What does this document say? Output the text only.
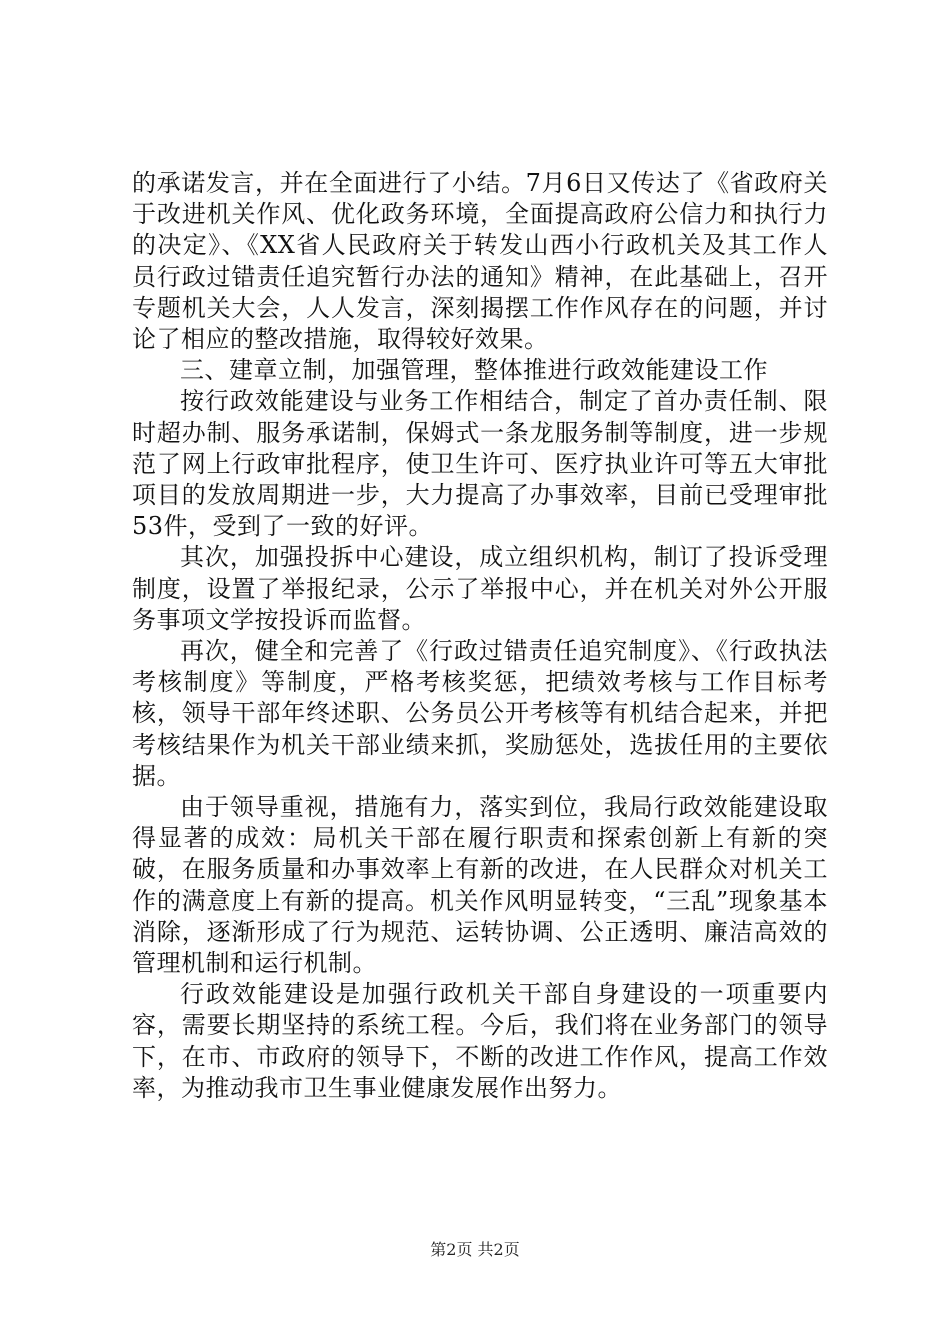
的承诺发言，并在全面进行了小结。7月6日又传达了《省政府关于改进机关作风、优化政务环境，全面提高政府公信力和执行力的决定》、《XX省人民政府关于转发山西小行政机关及其工作人员行政过错责任追究暂行办法的通知》精神，在此基础上，召开专题机关大会，人人发言，深刻揭摆工作作风存在的问题，并讨论了相应的整改措施，取得较好效果。

三、建章立制，加强管理，整体推进行政效能建设工作

按行政效能建设与业务工作相结合，制定了首办责任制、限时超办制、服务承诺制，保姆式一条龙服务制等制度，进一步规范了网上行政审批程序，使卫生许可、医疗执业许可等五大审批项目的发放周期进一步，大力提高了办事效率，目前已受理审批53件，受到了一致的好评。

其次，加强投拆中心建设，成立组织机构，制订了投诉受理制度，设置了举报纪录，公示了举报中心，并在机关对外公开服务事项文学按投诉而监督。

再次，健全和完善了《行政过错责任追究制度》、《行政执法考核制度》等制度，严格考核奖惩，把绩效考核与工作目标考核，领导干部年终述职、公务员公开考核等有机结合起来，并把考核结果作为机关干部业绩来抓，奖励惩处，选拔任用的主要依据。

由于领导重视，措施有力，落实到位，我局行政效能建设取得显著的成效：局机关干部在履行职责和探索创新上有新的突破，在服务质量和办事效率上有新的改进，在人民群众对机关工作的满意度上有新的提高。机关作风明显转变，“三乱”现象基本消除，逐渐形成了行为规范、运转协调、公正透明、廉洁高效的管理机制和运行机制。

行政效能建设是加强行政机关干部自身建设的一项重要内容，需要长期坚持的系统工程。今后，我们将在业务部门的领导下，在市、市政府的领导下，不断的改进工作作风，提高工作效率，为推动我市卫生事业健康发展作出努力。

第2页 共2页
